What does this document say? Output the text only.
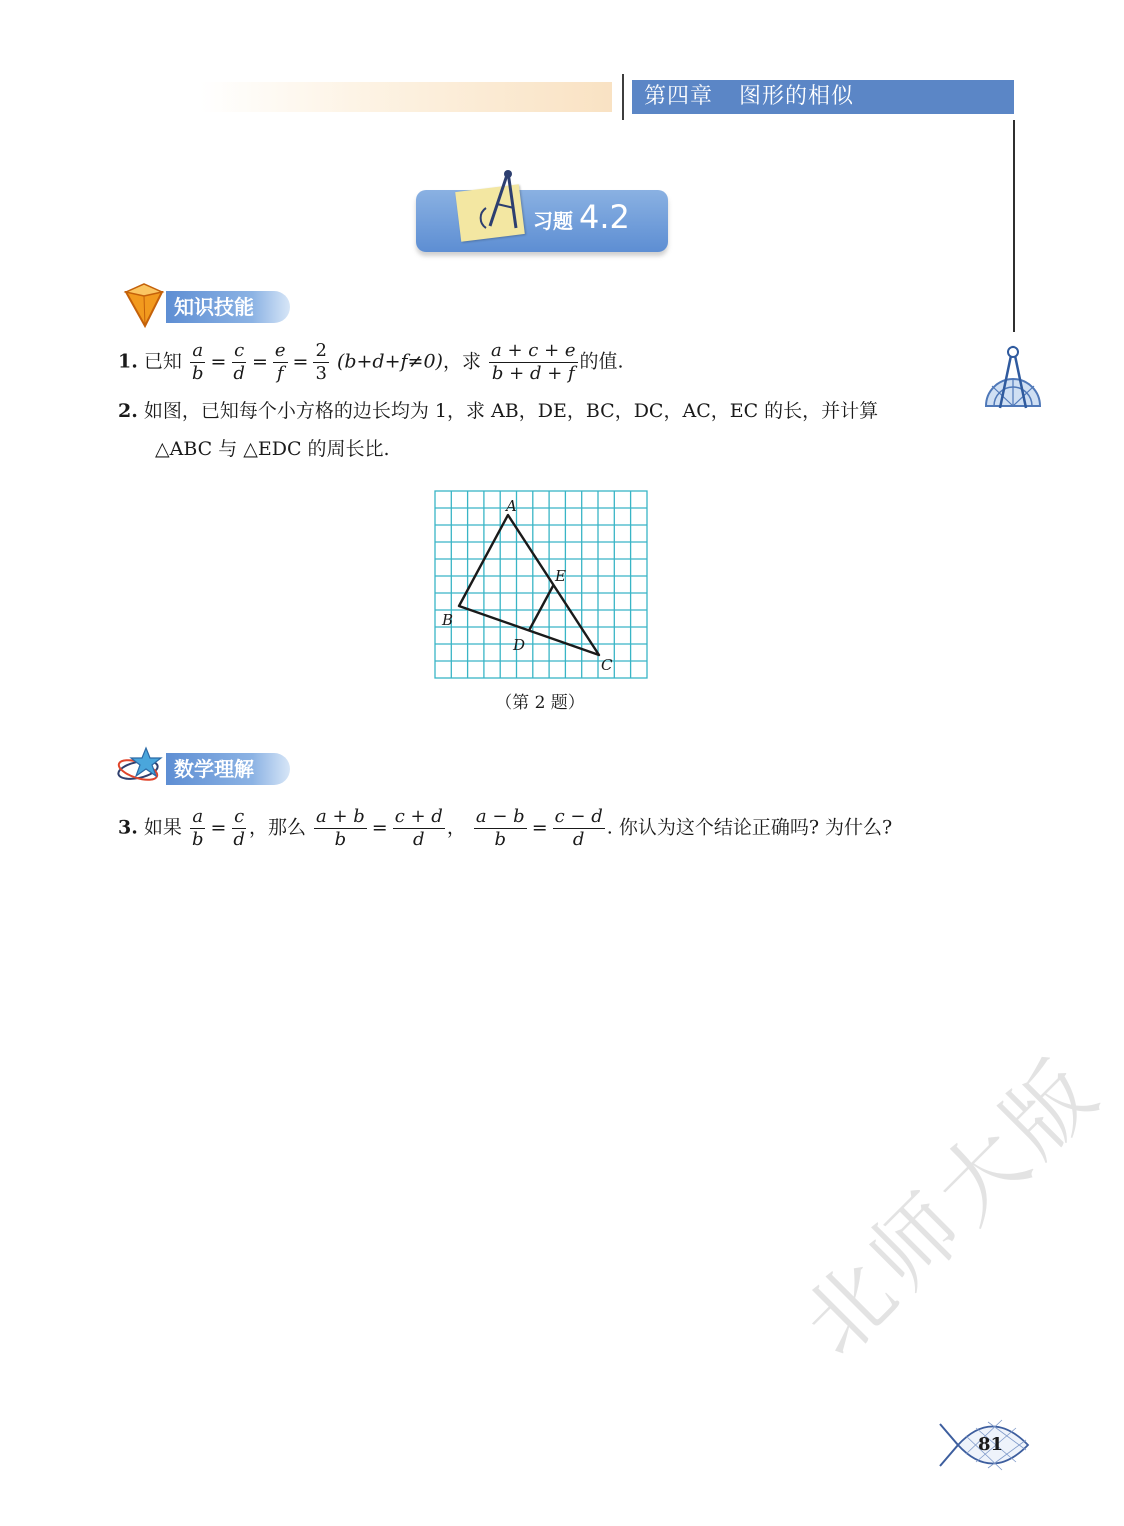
第四章 图形的相似
习题 4.2
知识技能
1. 已知 $\frac{a}{b} = \frac{c}{d} = \frac{e}{f} = \frac{2}{3} (b+d+f\ne 0)$，求 $\frac{a + c + e}{b + d + f}$ 的值.
2. 如图，已知每个小方格的边长均为 1，求 AB，DE，BC，DC，AC，EC 的长，并计算
△ABC 与 △EDC 的周长比.
A
B
C
D
E
（第 2 题）
数学理解
3. 如果 $\frac{a}{b} = \frac{c}{d}$ ，那么 $\frac{a + b}{b} = \frac{c + d}{d}$ ， $\frac{a - b}{b} = \frac{c - d}{d}$ . 你认为这个结论正确吗? 为什么?
北师大版
81
